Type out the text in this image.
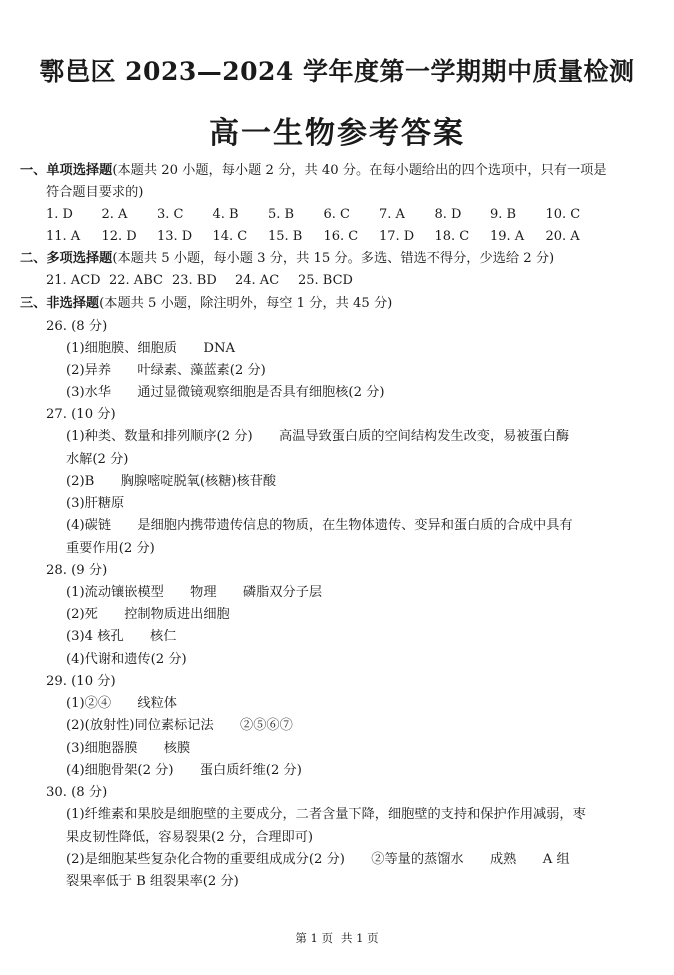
鄠邑区 2023—2024 学年度第一学期期中质量检测
高一生物参考答案
一、单项选择题(本题共 20 小题，每小题 2 分，共 40 分。在每小题给出的四个选项中，只有一项是
符合题目要求的)
1. D 2. A 3. C 4. B 5. B 6. C 7. A 8. D 9. B 10. C
11. A 12. D 13. D 14. C 15. B 16. C 17. D 18. C 19. A 20. A
二、多项选择题(本题共 5 小题，每小题 3 分，共 15 分。多选、错选不得分，少选给 2 分)
21. ACD 22. ABC 23. BD 24. AC 25. BCD
三、非选择题(本题共 5 小题，除注明外，每空 1 分，共 45 分)
26. (8 分)
(1)细胞膜、细胞质　　DNA
(2)异养　　叶绿素、藻蓝素(2 分)
(3)水华　　通过显微镜观察细胞是否具有细胞核(2 分)
27. (10 分)
(1)种类、数量和排列顺序(2 分)　　高温导致蛋白质的空间结构发生改变，易被蛋白酶
水解(2 分)
(2)B　　胸腺嘧啶脱氧(核糖)核苷酸
(3)肝糖原
(4)碳链　　是细胞内携带遗传信息的物质，在生物体遗传、变异和蛋白质的合成中具有
重要作用(2 分)
28. (9 分)
(1)流动镶嵌模型　　物理　　磷脂双分子层
(2)死　　控制物质进出细胞
(3)4 核孔　　核仁
(4)代谢和遗传(2 分)
29. (10 分)
(1)②④　　线粒体
(2)(放射性)同位素标记法　　②⑤⑥⑦
(3)细胞器膜　　核膜
(4)细胞骨架(2 分)　　蛋白质纤维(2 分)
30. (8 分)
(1)纤维素和果胶是细胞壁的主要成分，二者含量下降，细胞壁的支持和保护作用减弱，枣
果皮韧性降低，容易裂果(2 分，合理即可)
(2)是细胞某些复杂化合物的重要组成成分(2 分)　　②等量的蒸馏水　　成熟　　A 组
裂果率低于 B 组裂果率(2 分)
第 1 页 共 1 页
